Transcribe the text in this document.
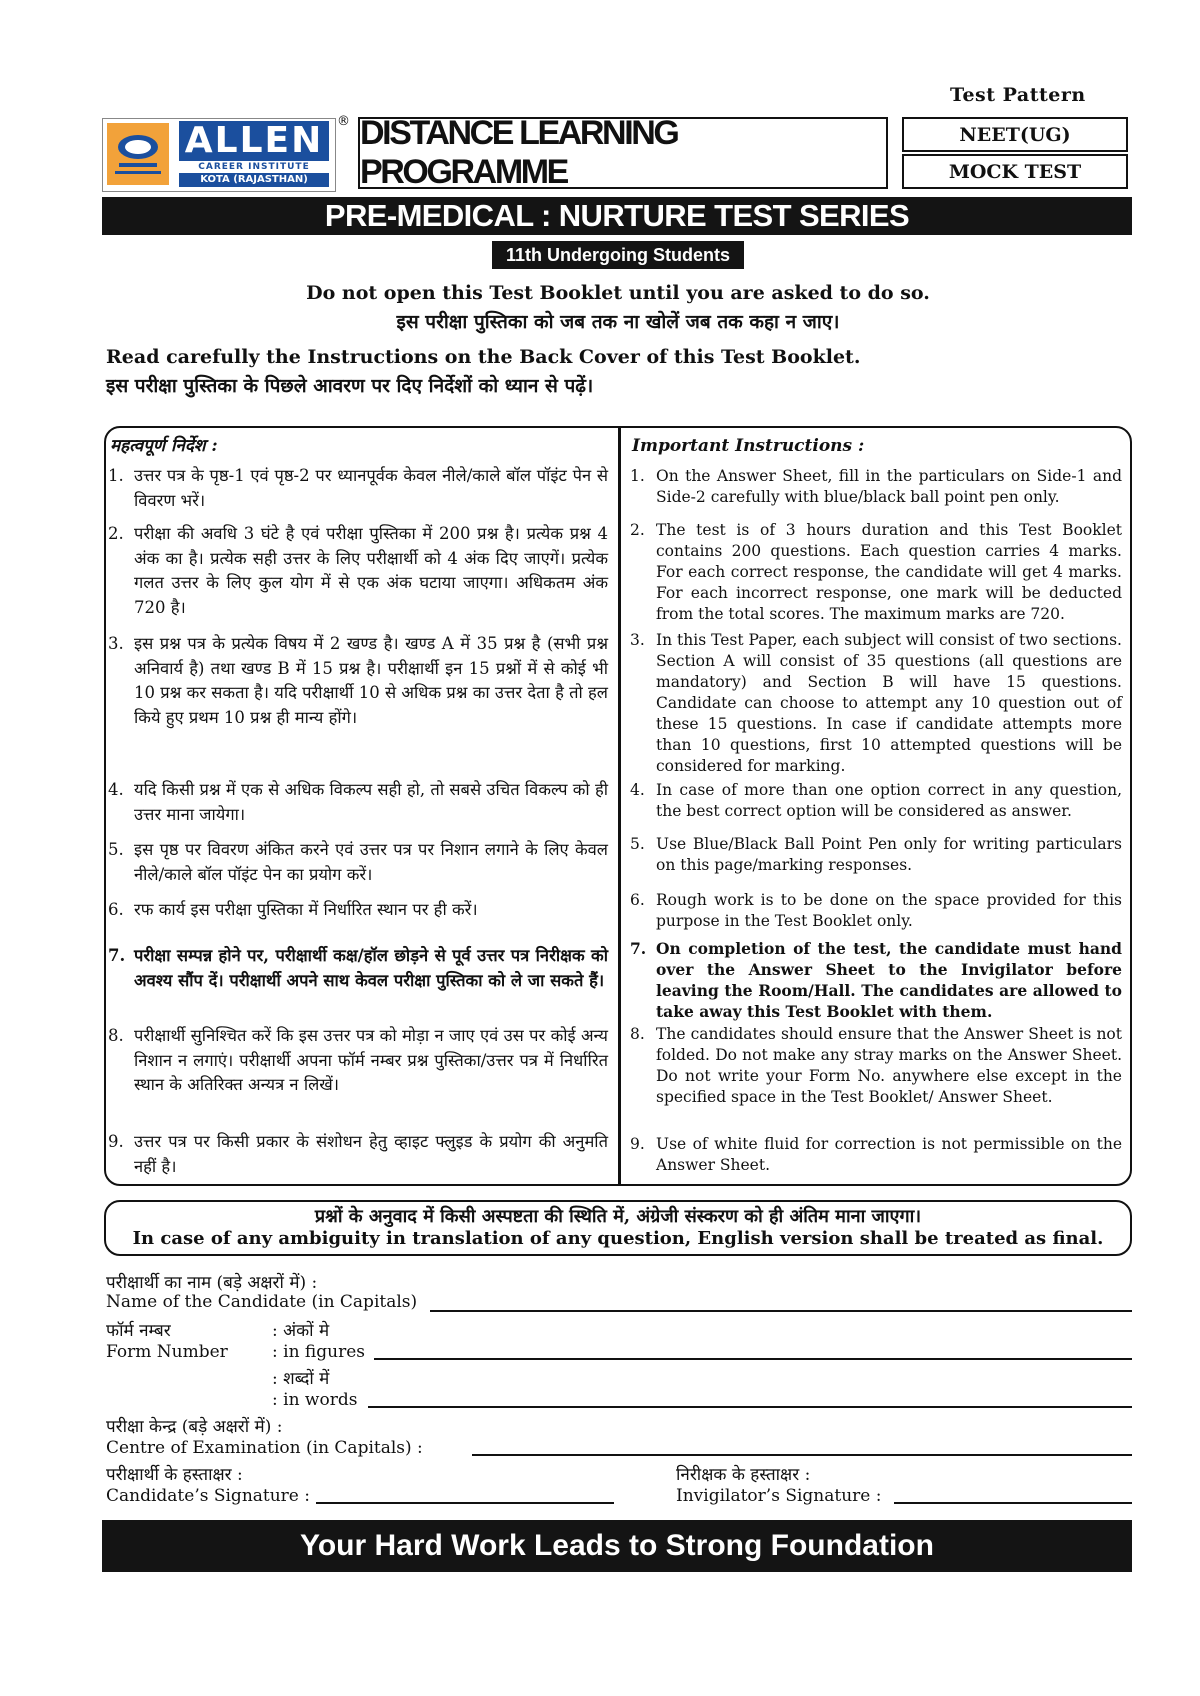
Test Pattern
ALLEN
CAREER INSTITUTE
KOTA (RAJASTHAN)
® DISTANCE LEARNING PROGRAMME
NEET(UG)
MOCK TEST
PRE-MEDICAL : NURTURE TEST SERIES
11th Undergoing Students
Do not open this Test Booklet until you are asked to do so.
इस परीक्षा पुस्तिका को जब तक ना खोलें जब तक कहा न जाए।
Read carefully the Instructions on the Back Cover of this Test Booklet.
इस परीक्षा पुस्तिका के पिछले आवरण पर दिए निर्देशों को ध्यान से पढ़ें।
महत्वपूर्ण निर्देश :	Important Instructions :
1. उत्तर पत्र के पृष्ठ-1 एवं पृष्ठ-2 पर ध्यानपूर्वक केवल नीले/काले बॉल पॉइंट पेन से विवरण भरें।
2. परीक्षा की अवधि 3 घंटे है एवं परीक्षा पुस्तिका में 200 प्रश्न है। प्रत्येक प्रश्न 4 अंक का है। प्रत्येक सही उत्तर के लिए परीक्षार्थी को 4 अंक दिए जाएगें। प्रत्येक गलत उत्तर के लिए कुल योग में से एक अंक घटाया जाएगा। अधिकतम अंक 720 है।
3. इस प्रश्न पत्र के प्रत्येक विषय में 2 खण्ड है। खण्ड A में 35 प्रश्न है (सभी प्रश्न अनिवार्य है) तथा खण्ड B में 15 प्रश्न है। परीक्षार्थी इन 15 प्रश्नों में से कोई भी 10 प्रश्न कर सकता है। यदि परीक्षार्थी 10 से अधिक प्रश्न का उत्तर देता है तो हल किये हुए प्रथम 10 प्रश्न ही मान्य होंगे।
4. यदि किसी प्रश्न में एक से अधिक विकल्प सही हो, तो सबसे उचित विकल्प को ही उत्तर माना जायेगा।
5. इस पृष्ठ पर विवरण अंकित करने एवं उत्तर पत्र पर निशान लगाने के लिए केवल नीले/काले बॉल पॉइंट पेन का प्रयोग करें।
6. रफ कार्य इस परीक्षा पुस्तिका में निर्धारित स्थान पर ही करें।
7. परीक्षा सम्पन्न होने पर, परीक्षार्थी कक्ष/हॉल छोड़ने से पूर्व उत्तर पत्र निरीक्षक को अवश्य सौंप दें। परीक्षार्थी अपने साथ केवल परीक्षा पुस्तिका को ले जा सकते हैं।
8. परीक्षार्थी सुनिश्चित करें कि इस उत्तर पत्र को मोड़ा न जाए एवं उस पर कोई अन्य निशान न लगाएं। परीक्षार्थी अपना फॉर्म नम्बर प्रश्न पुस्तिका/उत्तर पत्र में निर्धारित स्थान के अतिरिक्त अन्यत्र न लिखें।
9. उत्तर पत्र पर किसी प्रकार के संशोधन हेतु व्हाइट फ्लुइड के प्रयोग की अनुमति नहीं है।
1. On the Answer Sheet, fill in the particulars on Side-1 and Side-2 carefully with blue/black ball point pen only.
2. The test is of 3 hours duration and this Test Booklet contains 200 questions. Each question carries 4 marks. For each correct response, the candidate will get 4 marks. For each incorrect response, one mark will be deducted from the total scores. The maximum marks are 720.
3. In this Test Paper, each subject will consist of two sections. Section A will consist of 35 questions (all questions are mandatory) and Section B will have 15 questions. Candidate can choose to attempt any 10 question out of these 15 questions. In case if candidate attempts more than 10 questions, first 10 attempted questions will be considered for marking.
4. In case of more than one option correct in any question, the best correct option will be considered as answer.
5. Use Blue/Black Ball Point Pen only for writing particulars on this page/marking responses.
6. Rough work is to be done on the space provided for this purpose in the Test Booklet only.
7. On completion of the test, the candidate must hand over the Answer Sheet to the Invigilator before leaving the Room/Hall. The candidates are allowed to take away this Test Booklet with them.
8. The candidates should ensure that the Answer Sheet is not folded. Do not make any stray marks on the Answer Sheet. Do not write your Form No. anywhere else except in the specified space in the Test Booklet/ Answer Sheet.
9. Use of white fluid for correction is not permissible on the Answer Sheet.
प्रश्नों के अनुवाद में किसी अस्पष्टता की स्थिति में, अंग्रेजी संस्करण को ही अंतिम माना जाएगा।
In case of any ambiguity in translation of any question, English version shall be treated as final.
परीक्षार्थी का नाम (बड़े अक्षरों में) :
Name of the Candidate (in Capitals)
फॉर्म नम्बर
Form Number
: अंकों मे
: in figures
: शब्दों में
: in words
परीक्षा केन्द्र (बड़े अक्षरों में) :
Centre of Examination (in Capitals) :
परीक्षार्थी के हस्ताक्षर :
Candidate’s Signature :
निरीक्षक के हस्ताक्षर :
Invigilator’s Signature :
Your Hard Work Leads to Strong Foundation
